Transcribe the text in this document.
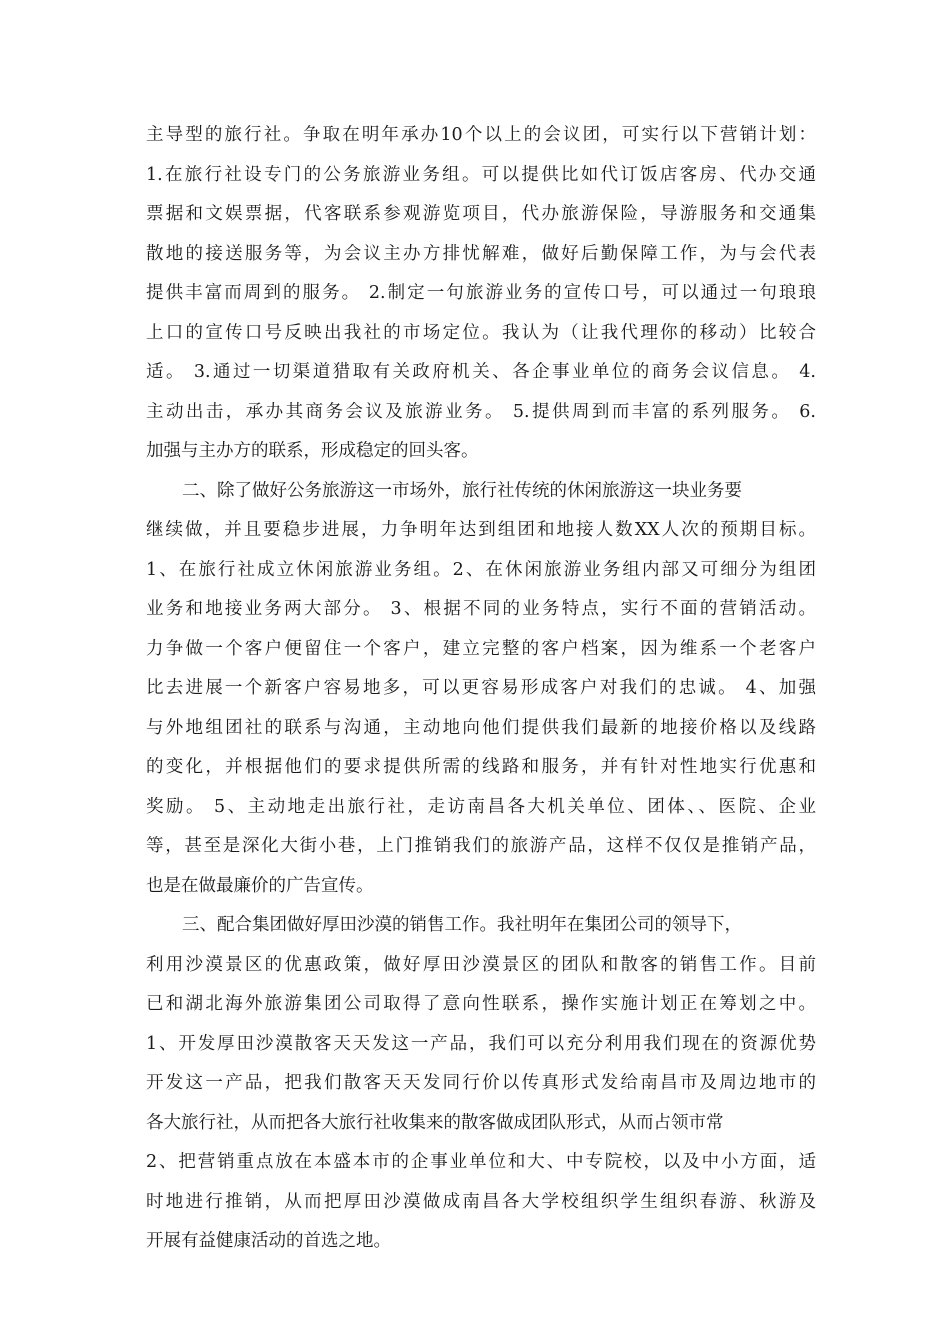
主导型的旅行社。争取在明年承办10个以上的会议团，可实行以下营销计划：
1.在旅行社设专门的公务旅游业务组。可以提供比如代订饭店客房、代办交通
票据和文娱票据，代客联系参观游览项目，代办旅游保险，导游服务和交通集
散地的接送服务等，为会议主办方排忧解难，做好后勤保障工作，为与会代表
提供丰富而周到的服务。 2.制定一句旅游业务的宣传口号，可以通过一句琅琅
上口的宣传口号反映出我社的市场定位。我认为（让我代理你的移动）比较合
适。 3.通过一切渠道猎取有关政府机关、各企事业单位的商务会议信息。 4.
主动出击，承办其商务会议及旅游业务。 5.提供周到而丰富的系列服务。 6.
加强与主办方的联系，形成稳定的回头客。
二、除了做好公务旅游这一市场外，旅行社传统的休闲旅游这一块业务要
继续做，并且要稳步进展，力争明年达到组团和地接人数XX人次的预期目标。
1、在旅行社成立休闲旅游业务组。2、在休闲旅游业务组内部又可细分为组团
业务和地接业务两大部分。 3、根据不同的业务特点，实行不面的营销活动。
力争做一个客户便留住一个客户，建立完整的客户档案，因为维系一个老客户
比去进展一个新客户容易地多，可以更容易形成客户对我们的忠诚。 4、加强
与外地组团社的联系与沟通，主动地向他们提供我们最新的地接价格以及线路
的变化，并根据他们的要求提供所需的线路和服务，并有针对性地实行优惠和
奖励。 5、主动地走出旅行社，走访南昌各大机关单位、团体、、医院、企业
等，甚至是深化大街小巷，上门推销我们的旅游产品，这样不仅仅是推销产品，
也是在做最廉价的广告宣传。
三、配合集团做好厚田沙漠的销售工作。我社明年在集团公司的领导下，
利用沙漠景区的优惠政策，做好厚田沙漠景区的团队和散客的销售工作。目前
已和湖北海外旅游集团公司取得了意向性联系，操作实施计划正在筹划之中。
1、开发厚田沙漠散客天天发这一产品，我们可以充分利用我们现在的资源优势
开发这一产品，把我们散客天天发同行价以传真形式发给南昌市及周边地市的
各大旅行社，从而把各大旅行社收集来的散客做成团队形式，从而占领市常
2、把营销重点放在本盛本市的企事业单位和大、中专院校，以及中小方面，适
时地进行推销，从而把厚田沙漠做成南昌各大学校组织学生组织春游、秋游及
开展有益健康活动的首选之地。
